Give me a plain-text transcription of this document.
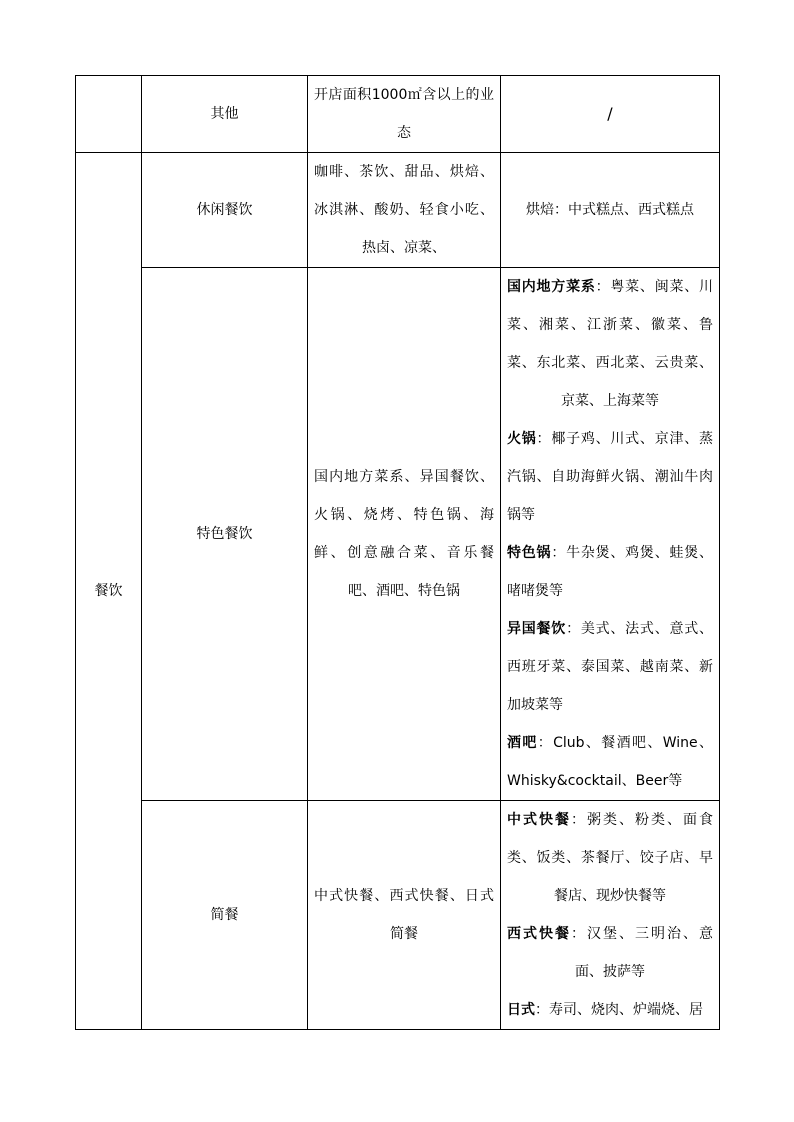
	其他	开店面积1000㎡含以上的业态	/
餐饮	休闲餐饮	咖啡、茶饮、甜品、烘焙、冰淇淋、酸奶、轻食小吃、热卤、凉菜、	烘焙：中式糕点、西式糕点
	特色餐饮	国内地方菜系、异国餐饮、火锅、烧烤、特色锅、海鲜、创意融合菜、音乐餐吧、酒吧、特色锅	国内地方菜系：粤菜、闽菜、川菜、湘菜、江浙菜、徽菜、鲁菜、东北菜、西北菜、云贵菜、京菜、上海菜等

火锅：椰子鸡、川式、京津、蒸汽锅、自助海鲜火锅、潮汕牛肉锅等

特色锅：牛杂煲、鸡煲、蛙煲、啫啫煲等

异国餐饮：美式、法式、意式、西班牙菜、泰国菜、越南菜、新加坡菜等

酒吧：Club、餐酒吧、Wine、Whisky&cocktail、Beer等

	简餐	中式快餐、西式快餐、日式简餐	中式快餐：粥类、粉类、面食类、饭类、茶餐厅、饺子店、早餐店、现炒快餐等

西式快餐：汉堡、三明治、意面、披萨等

日式：寿司、烧肉、炉端烧、居
